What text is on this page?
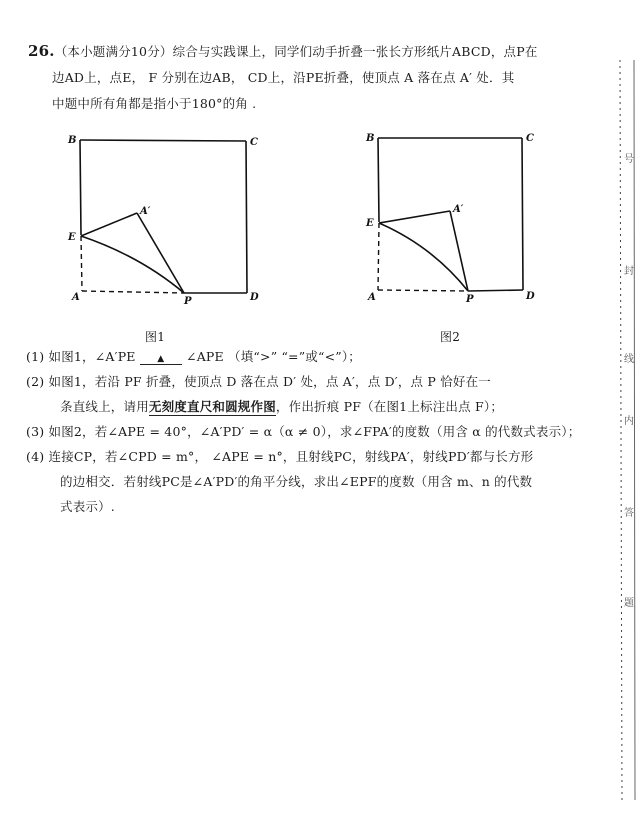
26.（本小题满分10分）综合与实践课上，同学们动手折叠一张长方形纸片ABCD，点P在
边AD上，点E， F 分别在边AB， CD上，沿PE折叠，使顶点 A 落在点 A′ 处．其
中题中所有角都是指小于180°的角 .
B	C
E
A′
A	P	D
图1
B	C
E
A′
A	P	D
图2
(1) 如图1，∠A′PE ▲ ∠APE （填“>” “=”或“<”）；
(2) 如图1，若沿 PF 折叠，使顶点 D 落在点 D′ 处，点 A′，点 D′，点 P 恰好在一
条直线上，请用无刻度直尺和圆规作图，作出折痕 PF（在图1上标注出点 F）；
(3) 如图2，若∠APE = 40°，∠A′PD′ = α（α ≠ 0），求∠FPA′的度数（用含 α 的代数式表示）；
(4) 连接CP，若∠CPD = m°， ∠APE = n°，且射线PC，射线PA′，射线PD′都与长方形
的边相交．若射线PC是∠A′PD′的角平分线，求出∠EPF的度数（用含 m、n 的代数
式表示）.
号
封
线
内
答
题
